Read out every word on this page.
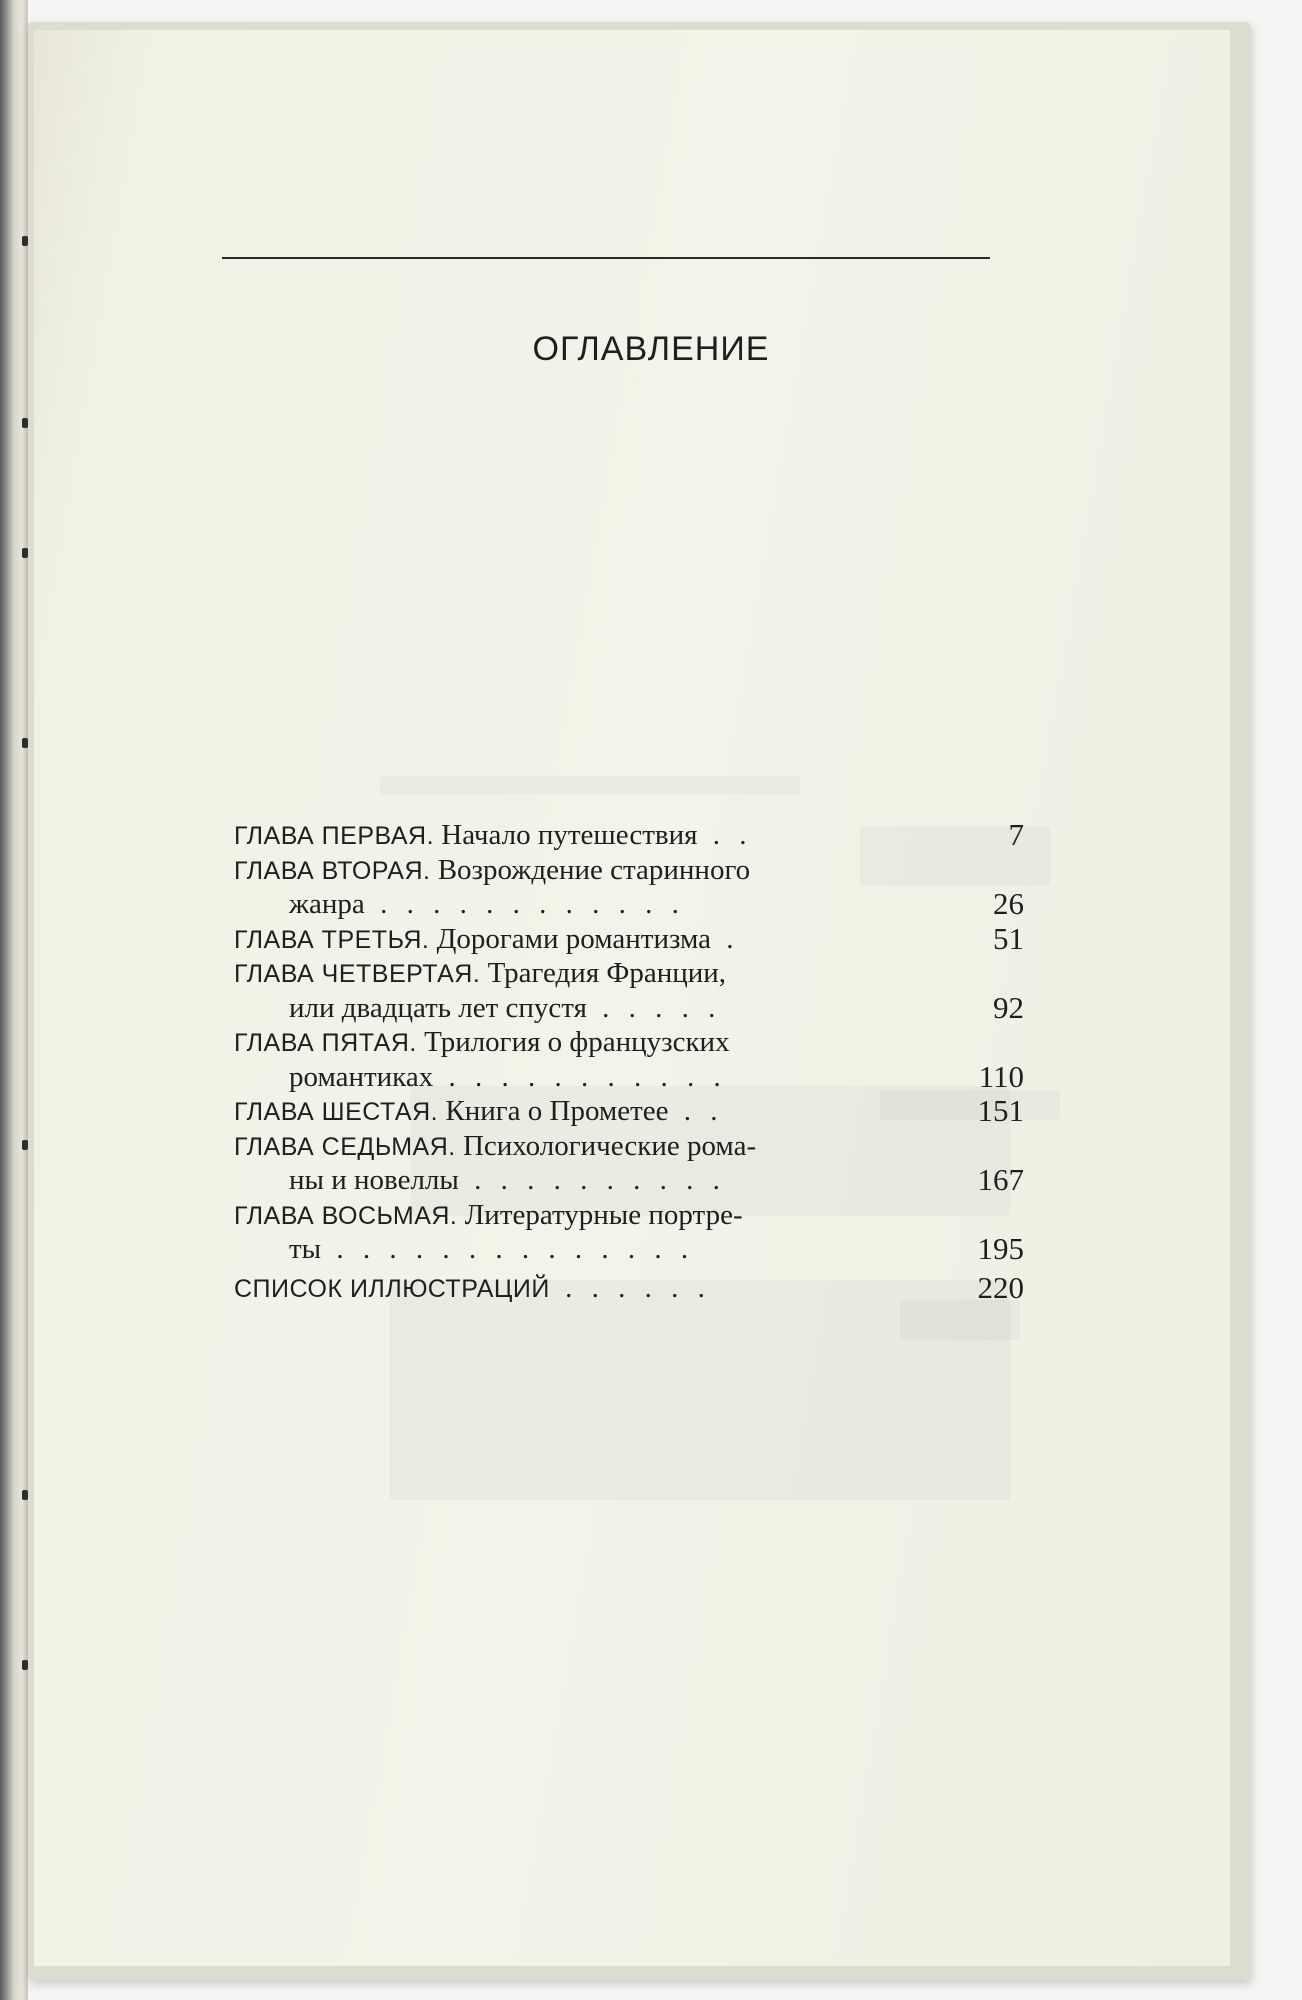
ОГЛАВЛЕНИЕ
ГЛАВА ПЕРВАЯ. Начало путешествия . .	7
ГЛАВА ВТОРАЯ. Возрождение старинного
жанра . . . . . . . . . . . .	26
ГЛАВА ТРЕТЬЯ. Дорогами романтизма .	51
ГЛАВА ЧЕТВЕРТАЯ. Трагедия Франции,
или двадцать лет спустя . . . . .	92
ГЛАВА ПЯТАЯ. Трилогия о французских
романтиках . . . . . . . . . . .	110
ГЛАВА ШЕСТАЯ. Книга о Прометее . .	151
ГЛАВА СЕДЬМАЯ. Психологические рома-
ны и новеллы . . . . . . . . . .	167
ГЛАВА ВОСЬМАЯ. Литературные портре-
ты . . . . . . . . . . . . . .	195
СПИСОК ИЛЛЮСТРАЦИЙ . . . . . .	220
